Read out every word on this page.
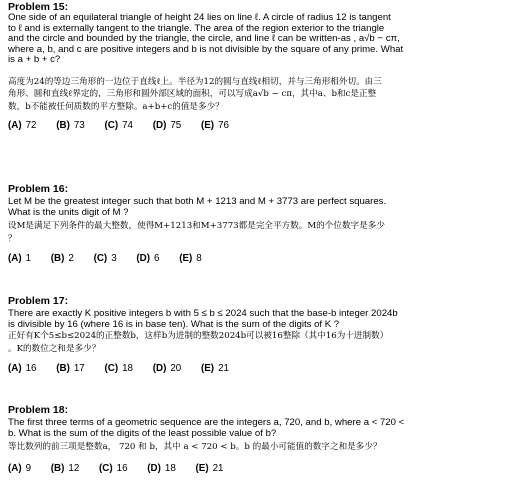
Problem 15:

One side of an equilateral triangle of height 24 lies on line ℓ. A circle of radius 12 is tangent
to ℓ and is externally tangent to the triangle. The area of the region exterior to the triangle
and the circle and bounded by the triangle, the circle, and line ℓ can be written-as , a√b − cπ,
where a, b, and c are positive integers and b is not divisible by the square of any prime. What
is a + b + c?

高度为24的等边三角形的一边位于直线ℓ上。半径为12的圆与直线ℓ相切，并与三角形相外切。由三
角形、圆和直线ℓ界定的，三角形和圆外部区域的面积，可以写成a√b − cπ，其中a、b和c是正整
数，b不能被任何质数的平方整除。a+b+c的值是多少？

(A) 72 (B) 73 (C) 74 (D) 75 (E) 76

Problem 16:

Let M be the greatest integer such that both M + 1213 and M + 3773 are perfect squares.
What is the units digit of M ?

设M是满足下列条件的最大整数，使得M+1213和M+3773都是完全平方数。M的个位数字是多少
？

(A) 1 (B) 2 (C) 3 (D) 6 (E) 8

Problem 17:

There are exactly K positive integers b with 5 ≤ b ≤ 2024 such that the base-b integer 2024b
is divisible by 16 (where 16 is in base ten). What is the sum of the digits of K ?

正好有K个5≤b≤2024的正整数b，这样b为进制的整数2024b可以被16整除（其中16为十进制数）
。K的数位之和是多少？

(A) 16 (B) 17 (C) 18 (D) 20 (E) 21

Problem 18:

The first three terms of a geometric sequence are the integers a, 720, and b, where a < 720 <
b. What is the sum of the digits of the least possible value of b?

等比数列的前三项是整数a， 720 和 b，其中 a < 720 < b。b 的最小可能值的数字之和是多少？

(A) 9 (B) 12 (C) 16 (D) 18 (E) 21
